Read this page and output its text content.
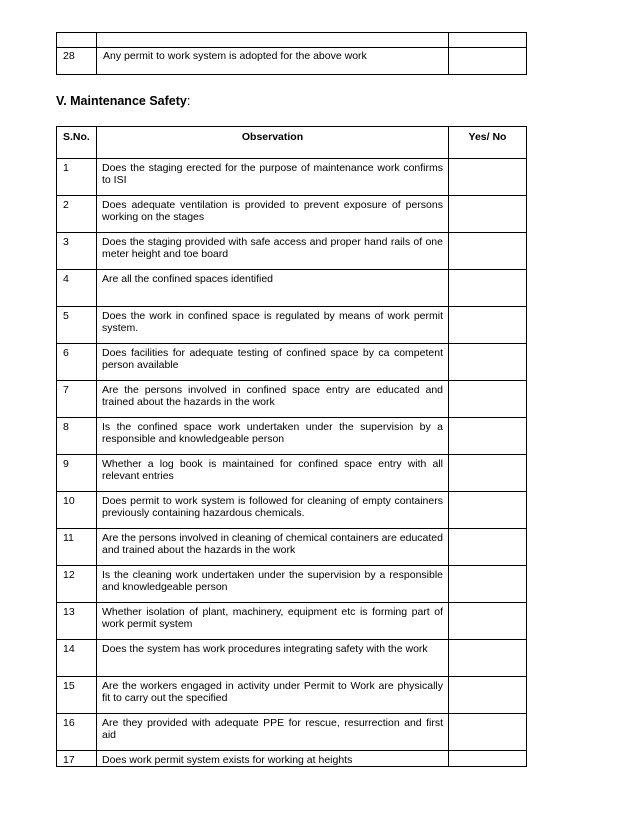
28	Any permit to work system is adopted for the above work	
V. Maintenance Safety:
S.No.	Observation	Yes/ No
1	Does the staging erected for the purpose of maintenance work confirms to ISI	
2	Does adequate ventilation is provided to prevent exposure of persons working on the stages	
3	Does the staging provided with safe access and proper hand rails of one meter height and toe board	
4	Are all the confined spaces identified	
5	Does the work in confined space is regulated by means of work permit system.	
6	Does facilities for adequate testing of confined space by ca competent person available	
7	Are the persons involved in confined space entry are educated and trained about the hazards in the work	
8	Is the confined space work undertaken under the supervision by a responsible and knowledgeable person	
9	Whether a log book is maintained for confined space entry with all relevant entries	
10	Does permit to work system is followed for cleaning of empty containers previously containing hazardous chemicals.	
11	Are the persons involved in cleaning of chemical containers are educated and trained about the hazards in the work	
12	Is the cleaning work undertaken under the supervision by a responsible and knowledgeable person	
13	Whether isolation of plant, machinery, equipment etc is forming part of work permit system	
14	Does the system has work procedures integrating safety with the work	
15	Are the workers engaged in activity under Permit to Work are physically fit to carry out the specified	
16	Are they provided with adequate PPE for rescue, resurrection and first aid	
17	Does work permit system exists for working at heights	
